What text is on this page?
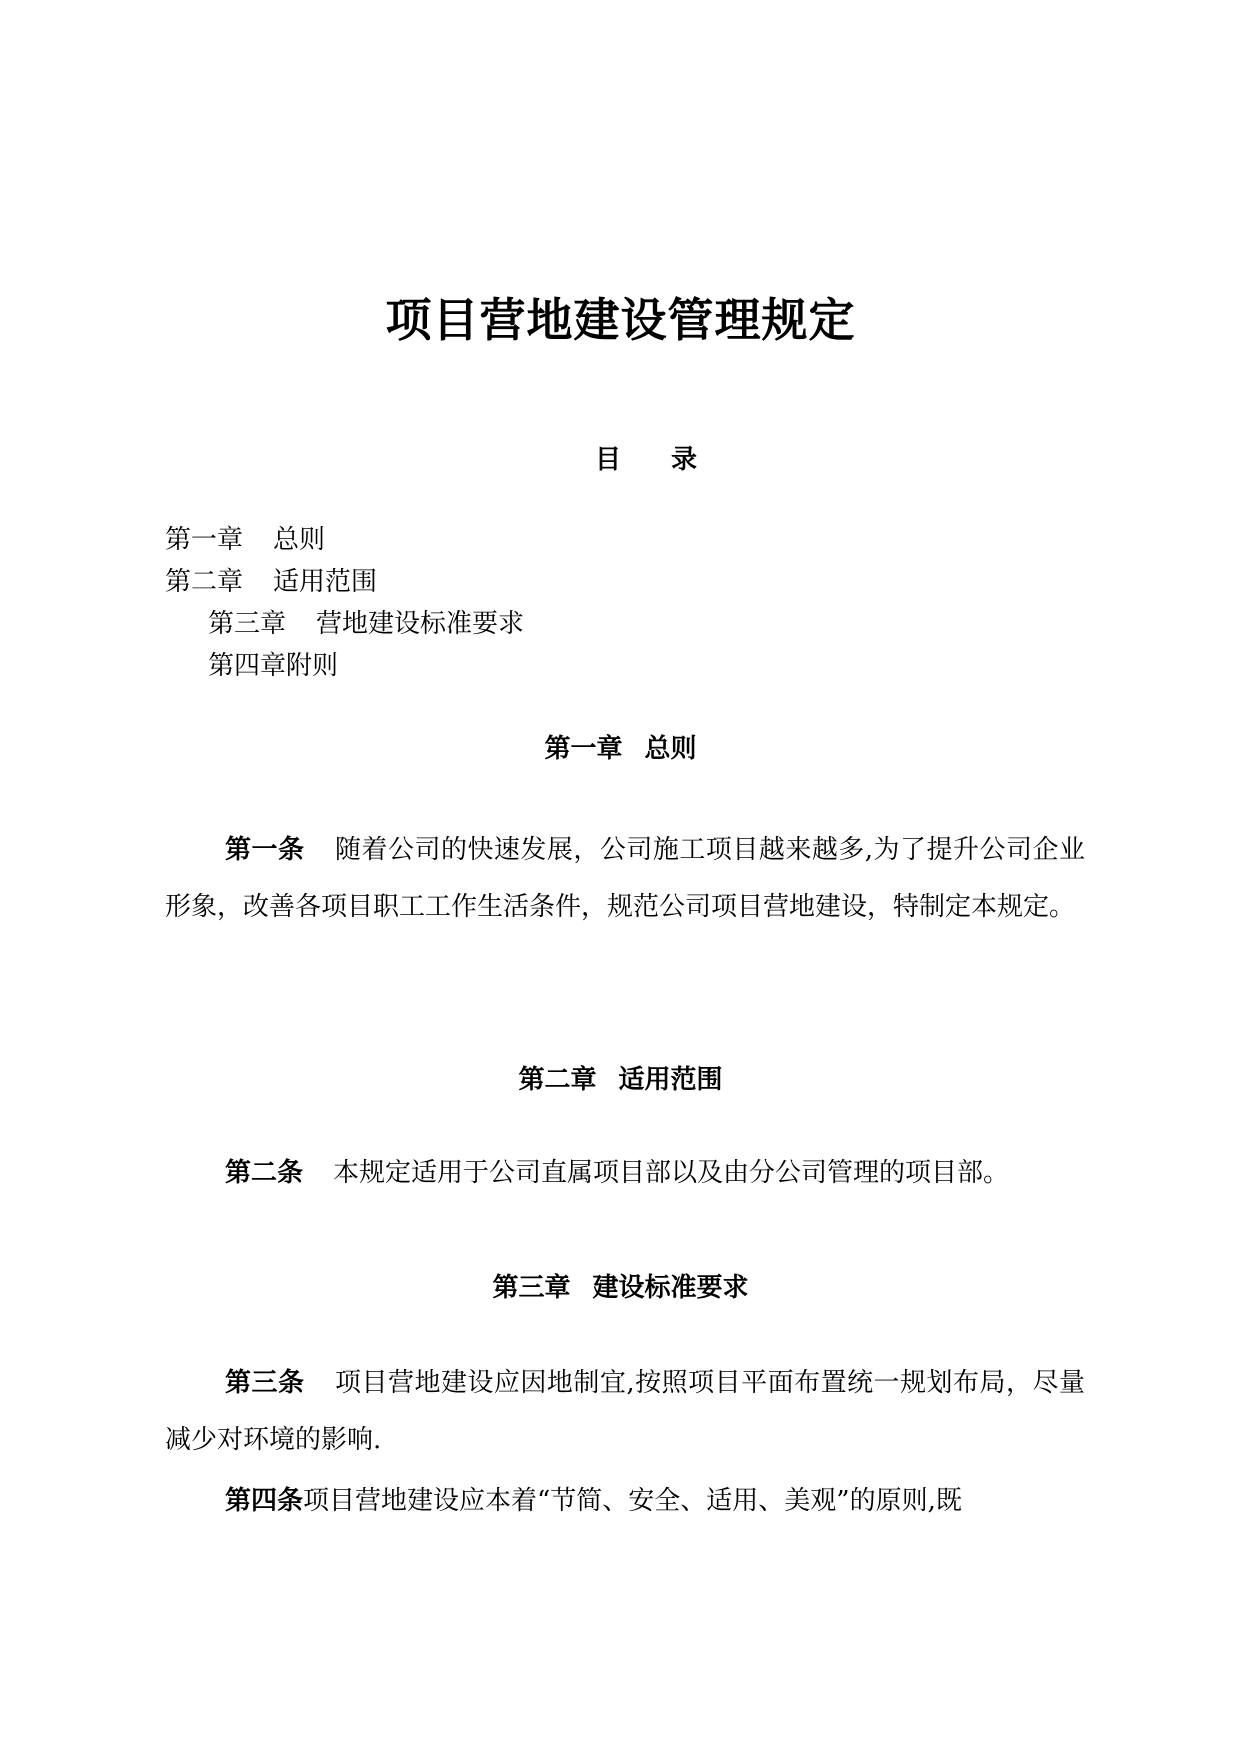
项目营地建设管理规定
目 录
第一章 总则
第二章 适用范围
第三章 营地建设标准要求
第四章附则
第一章 总则

第一条 随着公司的快速发展，公司施工项目越来越多,为了提升公司企业形象，改善各项目职工工作生活条件，规范公司项目营地建设，特制定本规定。

第二章 适用范围

第二条 本规定适用于公司直属项目部以及由分公司管理的项目部。

第三章 建设标准要求

第三条 项目营地建设应因地制宜,按照项目平面布置统一规划布局，尽量减少对环境的影响.

第四条项目营地建设应本着“节简、安全、适用、美观”的原则,既
